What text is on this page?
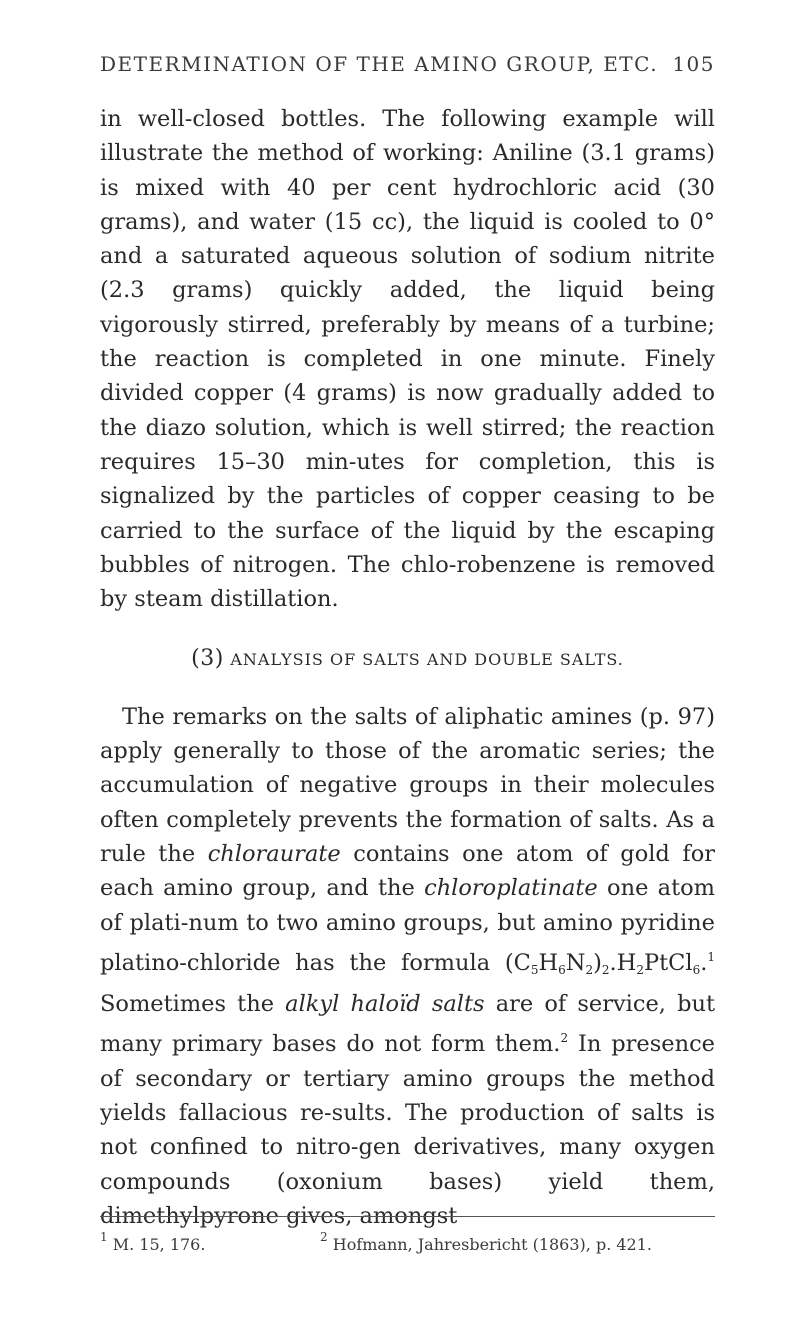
DETERMINATION OF THE AMINO GROUP, ETC. 105

in well-closed bottles. The following example will illustrate the method of working: Aniline (3.1 grams) is mixed with 40 per cent hydrochloric acid (30 grams), and water (15 cc), the liquid is cooled to 0° and a saturated aqueous solution of sodium nitrite (2.3 grams) quickly added, the liquid being vigorously stirred, preferably by means of a turbine; the reaction is completed in one minute. Finely divided copper (4 grams) is now gradually added to the diazo solution, which is well stirred; the reaction requires 15–30 min-utes for completion, this is signalized by the particles of copper ceasing to be carried to the surface of the liquid by the escaping bubbles of nitrogen. The chlo-robenzene is removed by steam distillation.

(3) ANALYSIS OF SALTS AND DOUBLE SALTS.

The remarks on the salts of aliphatic amines (p. 97) apply generally to those of the aromatic series; the accumulation of negative groups in their molecules often completely prevents the formation of salts. As a rule the chloraurate contains one atom of gold for each amino group, and the chloroplatinate one atom of plati-num to two amino groups, but amino pyridine platino-chloride has the formula $(C_5H_6N_2)_2.H_2PtCl_6.^1$ Sometimes the alkyl haloïd salts are of service, but many primary bases do not form them.$^2$ In presence of secondary or tertiary amino groups the method yields fallacious re-sults. The production of salts is not confined to nitro-gen derivatives, many oxygen compounds (oxonium bases) yield them, dimethylpyrone gives, amongst

$^1$ M. 15, 176.	$^2$ Hofmann, Jahresbericht (1863), p. 421.
